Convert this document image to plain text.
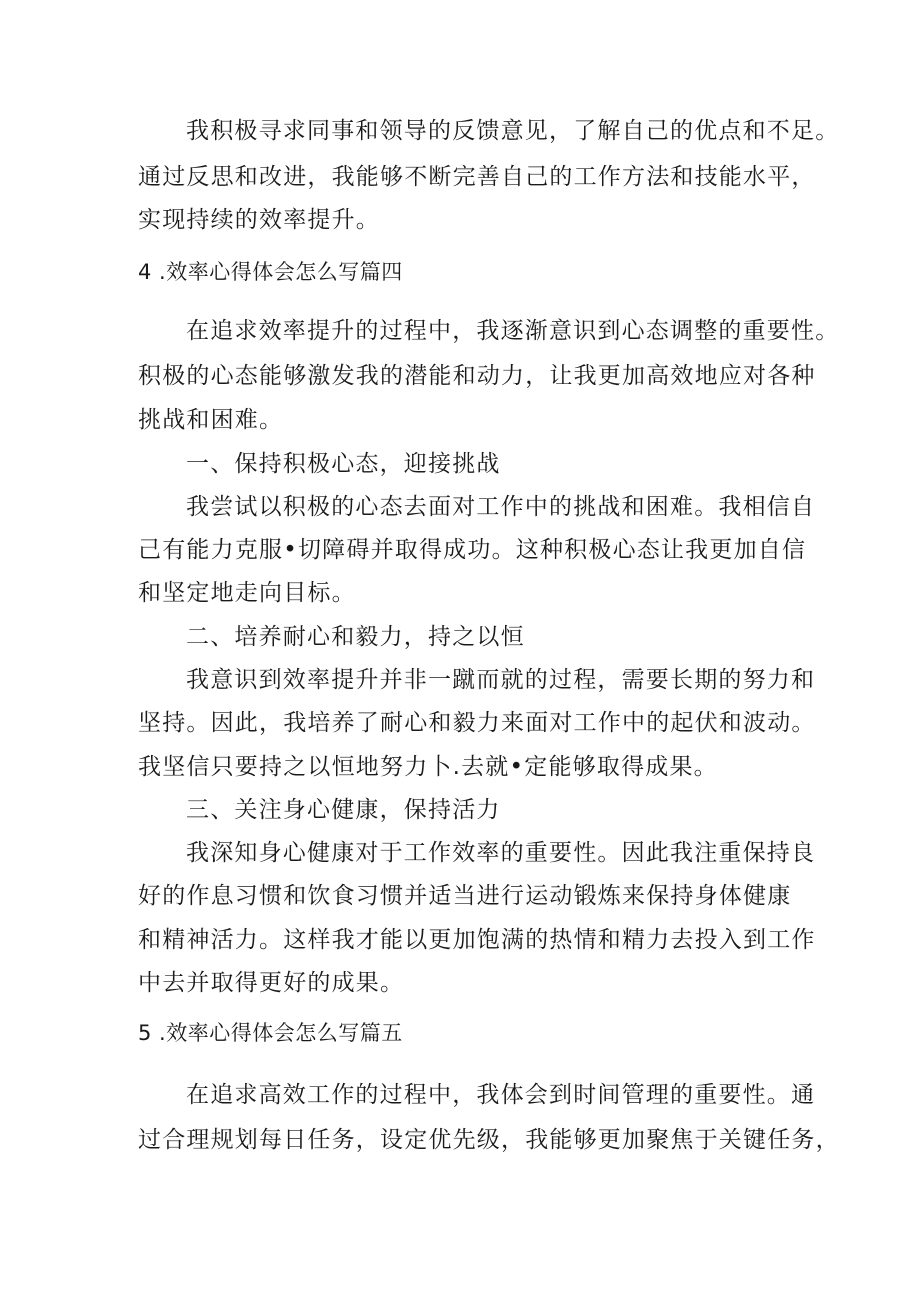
我积极寻求同事和领导的反馈意见，了解自己的优点和不足。
通过反思和改进，我能够不断完善自己的工作方法和技能水平，
实现持续的效率提升。
4 .效率心得体会怎么写篇四
在追求效率提升的过程中，我逐渐意识到心态调整的重要性。
积极的心态能够激发我的潜能和动力，让我更加高效地应对各种
挑战和困难。
一、保持积极心态，迎接挑战
我尝试以积极的心态去面对工作中的挑战和困难。我相信自
己有能力克服•切障碍并取得成功。这种积极心态让我更加自信
和坚定地走向目标。
二、培养耐心和毅力，持之以恒
我意识到效率提升并非一蹴而就的过程，需要长期的努力和
坚持。因此，我培养了耐心和毅力来面对工作中的起伏和波动。
我坚信只要持之以恒地努力卜.去就•定能够取得成果。
三、关注身心健康，保持活力
我深知身心健康对于工作效率的重要性。因此我注重保持良
好的作息习惯和饮食习惯并适当进行运动锻炼来保持身体健康
和精神活力。这样我才能以更加饱满的热情和精力去投入到工作
中去并取得更好的成果。
5 .效率心得体会怎么写篇五
在追求高效工作的过程中，我体会到时间管理的重要性。通
过合理规划每日任务，设定优先级，我能够更加聚焦于关键任务，
